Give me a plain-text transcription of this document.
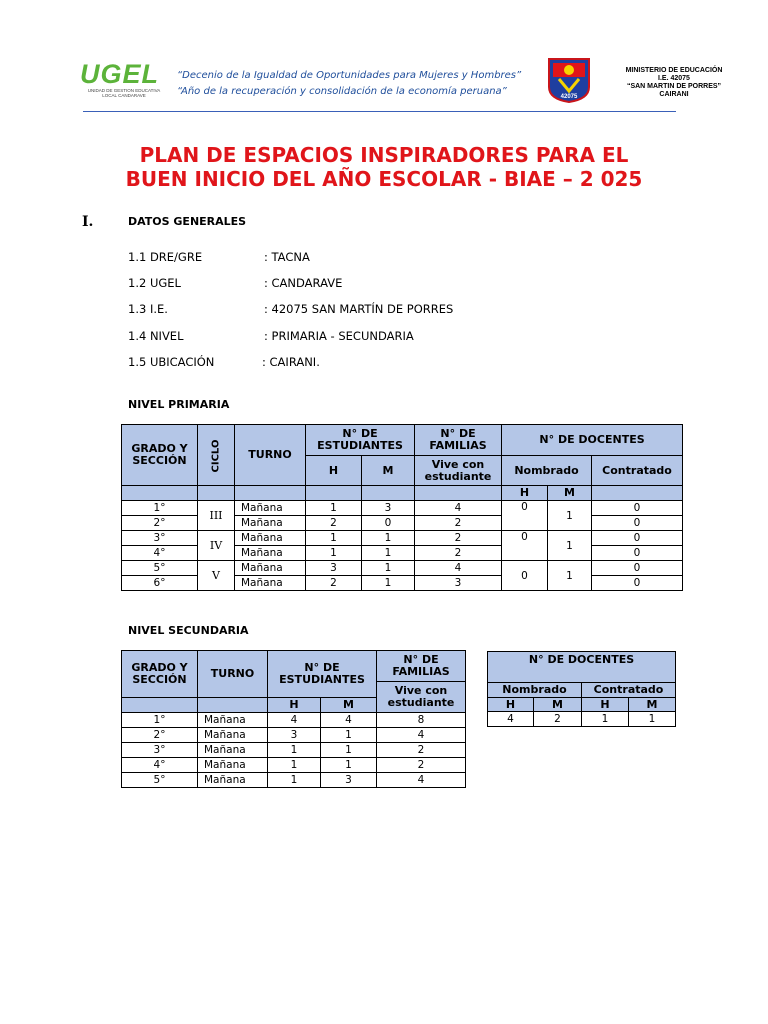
UGEL
UNIDAD DE GESTION EDUCATIVA LOCAL CANDARAVE
“Decenio de la Igualdad de Oportunidades para Mujeres y Hombres”
“Año de la recuperación y consolidación de la economía peruana”	42075
MINISTERIO DE EDUCACIÓN
I.E. 42075
“SAN MARTIN DE PORRES”
CAIRANI
PLAN DE ESPACIOS INSPIRADORES PARA EL
BUEN INICIO DEL AÑO ESCOLAR - BIAE – 2 025
I.	DATOS GENERALES
1.1 DRE/GRE	: TACNA
1.2 UGEL	: CANDARAVE
1.3 I.E.	: 42075 SAN MARTÍN DE PORRES
1.4 NIVEL	: PRIMARIA - SECUNDARIA
1.5 UBICACIÓN	: CAIRANI.
NIVEL PRIMARIA
GRADO Y SECCIÓN	CICLO	TURNO	N° DE ESTUDIANTES		N° DE FAMILIAS	N° DE DOCENTES		
			H	M	Vive con estudiante	Nombrado		Contratado
						H	M	
1°	III	Mañana	1	3	4	0	1	0
2°		Mañana	2	0	2			0
3°	IV	Mañana	1	1	2	0	1	0
4°		Mañana	1	1	2			0
5°	V	Mañana	3	1	4	0	1	0
6°		Mañana	2	1	3			0
NIVEL SECUNDARIA
GRADO Y SECCIÓN	TURNO	N° DE ESTUDIANTES		N° DE FAMILIAS
				Vive con estudiante
		H	M	
1°	Mañana	4	4	8
2°	Mañana	3	1	4
3°	Mañana	1	1	2
4°	Mañana	1	1	2
5°	Mañana	1	3	4
N° DE DOCENTES			
Nombrado		Contratado	
H	M	H	M
4	2	1	1
